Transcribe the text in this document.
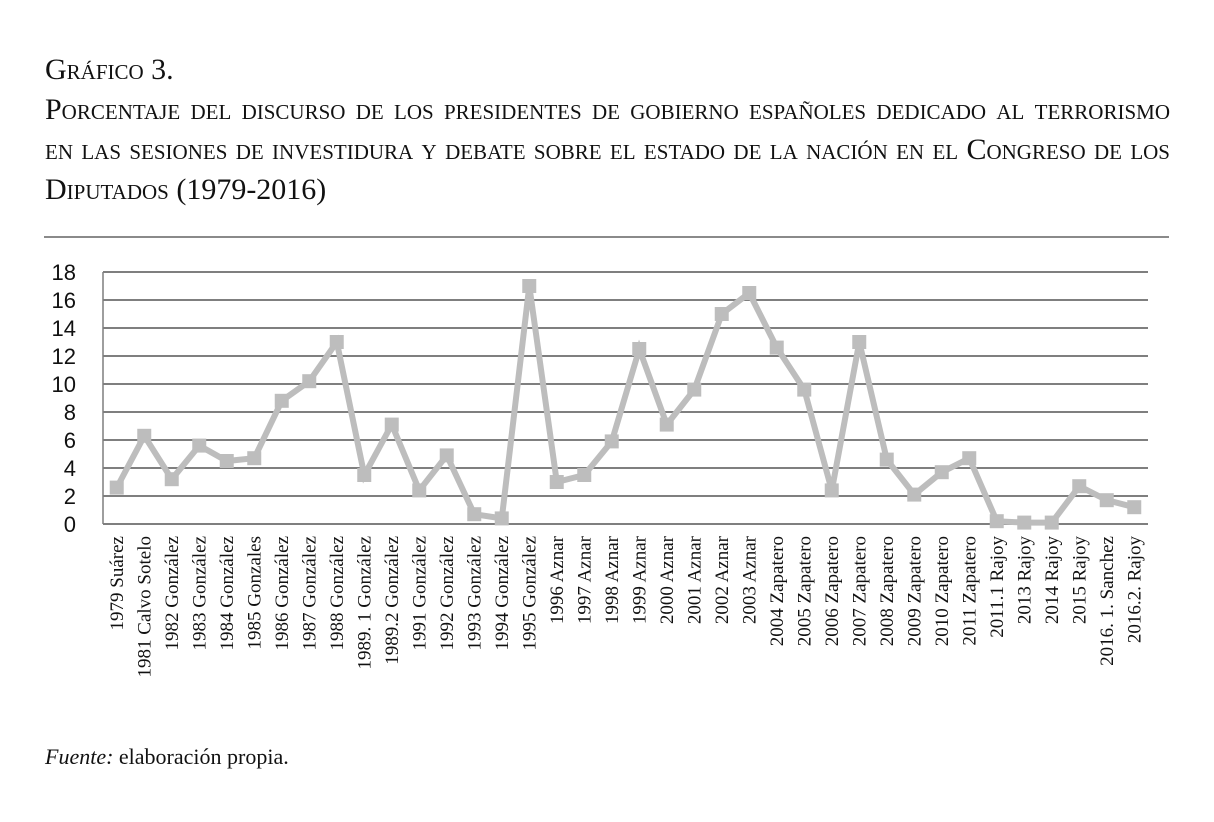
Gráfico 3.
Porcentaje del discurso de los presidentes de gobierno españoles dedicado al terrorismo en las sesiones de investidura y debate sobre el estado de la nación en el Congreso de los Diputados (1979-2016)
0
2
4
6
8
10
12
14
16
18
1979 Suárez 1981 Calvo Sotelo 1982 González 1983 González 1984 González 1985 Gonzales 1986 González 1987 González 1988 González 1989. 1 González 1989.2 González 1991 González 1992 González 1993 González 1994 González 1995 González 1996 Aznar 1997 Aznar 1998 Aznar 1999 Aznar 2000 Aznar 2001 Aznar 2002 Aznar 2003 Aznar 2004 Zapatero 2005 Zapatero 2006 Zapatero 2007 Zapatero 2008 Zapatero 2009 Zapatero 2010 Zapatero 2011 Zapatero 2011.1 Rajoy 2013 Rajoy 2014 Rajoy 2015 Rajoy 2016. 1. Sanchez 2016.2. Rajoy
Fuente: elaboración propia.
